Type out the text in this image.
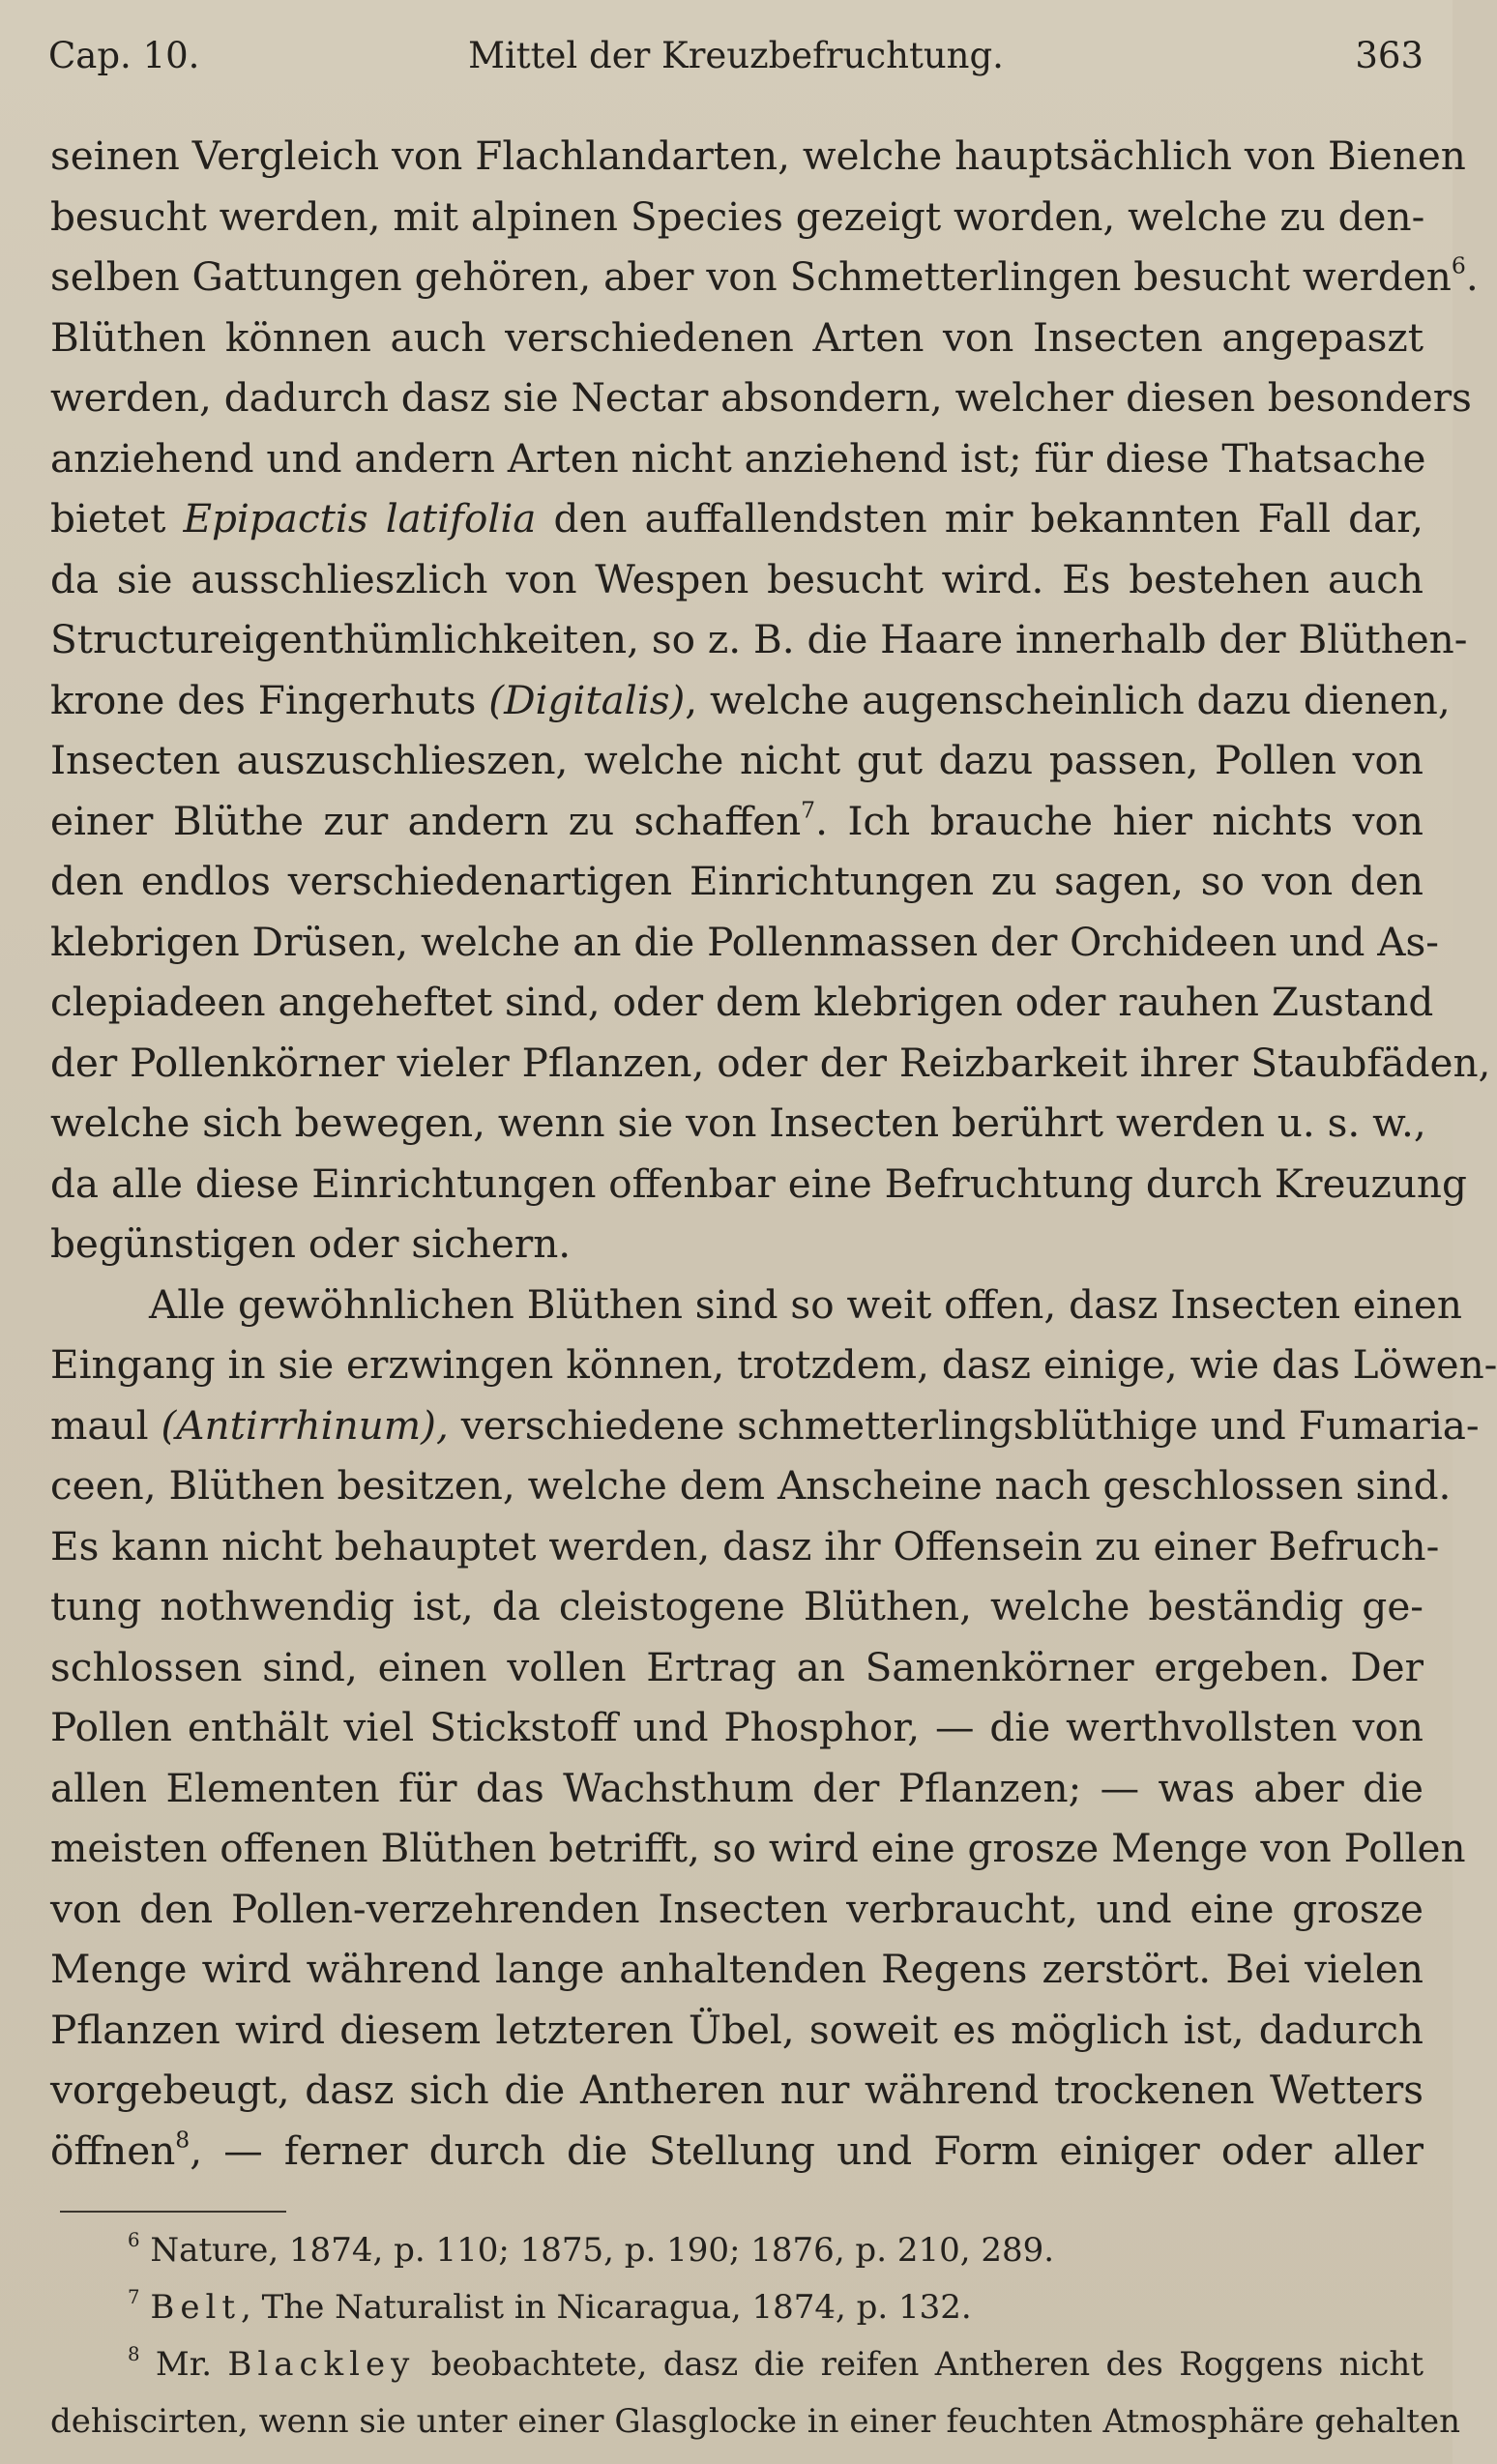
Cap. 10.	Mittel der Kreuzbefruchtung.	363

seinen Vergleich von Flachlandarten, welche hauptsächlich von Bienen
besucht werden, mit alpinen Species gezeigt worden, welche zu den-
selben Gattungen gehören, aber von Schmetterlingen besucht werden$^6$.
Blüthen können auch verschiedenen Arten von Insecten angepaszt
werden, dadurch dasz sie Nectar absondern, welcher diesen besonders
anziehend und andern Arten nicht anziehend ist; für diese Thatsache
bietet Epipactis latifolia den auffallendsten mir bekannten Fall dar,
da sie ausschlieszlich von Wespen besucht wird. Es bestehen auch
Structureigenthümlichkeiten, so z. B. die Haare innerhalb der Blüthen-
krone des Fingerhuts (Digitalis), welche augenscheinlich dazu dienen,
Insecten auszuschlieszen, welche nicht gut dazu passen, Pollen von
einer Blüthe zur andern zu schaffen$^7$. Ich brauche hier nichts von
den endlos verschiedenartigen Einrichtungen zu sagen, so von den
klebrigen Drüsen, welche an die Pollenmassen der Orchideen und As-
clepiadeen angeheftet sind, oder dem klebrigen oder rauhen Zustand
der Pollenkörner vieler Pflanzen, oder der Reizbarkeit ihrer Staubfäden,
welche sich bewegen, wenn sie von Insecten berührt werden u. s. w.,
da alle diese Einrichtungen offenbar eine Befruchtung durch Kreuzung
begünstigen oder sichern.

Alle gewöhnlichen Blüthen sind so weit offen, dasz Insecten einen
Eingang in sie erzwingen können, trotzdem, dasz einige, wie das Löwen-
maul (Antirrhinum), verschiedene schmetterlingsblüthige und Fumaria-
ceen, Blüthen besitzen, welche dem Anscheine nach geschlossen sind.
Es kann nicht behauptet werden, dasz ihr Offensein zu einer Befruch-
tung nothwendig ist, da cleistogene Blüthen, welche beständig ge-
schlossen sind, einen vollen Ertrag an Samenkörner ergeben. Der
Pollen enthält viel Stickstoff und Phosphor, — die werthvollsten von
allen Elementen für das Wachsthum der Pflanzen; — was aber die
meisten offenen Blüthen betrifft, so wird eine grosze Menge von Pollen
von den Pollen-verzehrenden Insecten verbraucht, und eine grosze
Menge wird während lange anhaltenden Regens zerstört. Bei vielen
Pflanzen wird diesem letzteren Übel, soweit es möglich ist, dadurch
vorgebeugt, dasz sich die Antheren nur während trockenen Wetters
öffnen$^8$, — ferner durch die Stellung und Form einiger oder aller

$^6$ Nature, 1874, p. 110; 1875, p. 190; 1876, p. 210, 289.
$^7$ Belt, The Naturalist in Nicaragua, 1874, p. 132.
$^8$ Mr. Blackley beobachtete, dasz die reifen Antheren des Roggens nicht
dehiscirten, wenn sie unter einer Glasglocke in einer feuchten Atmosphäre gehalten
